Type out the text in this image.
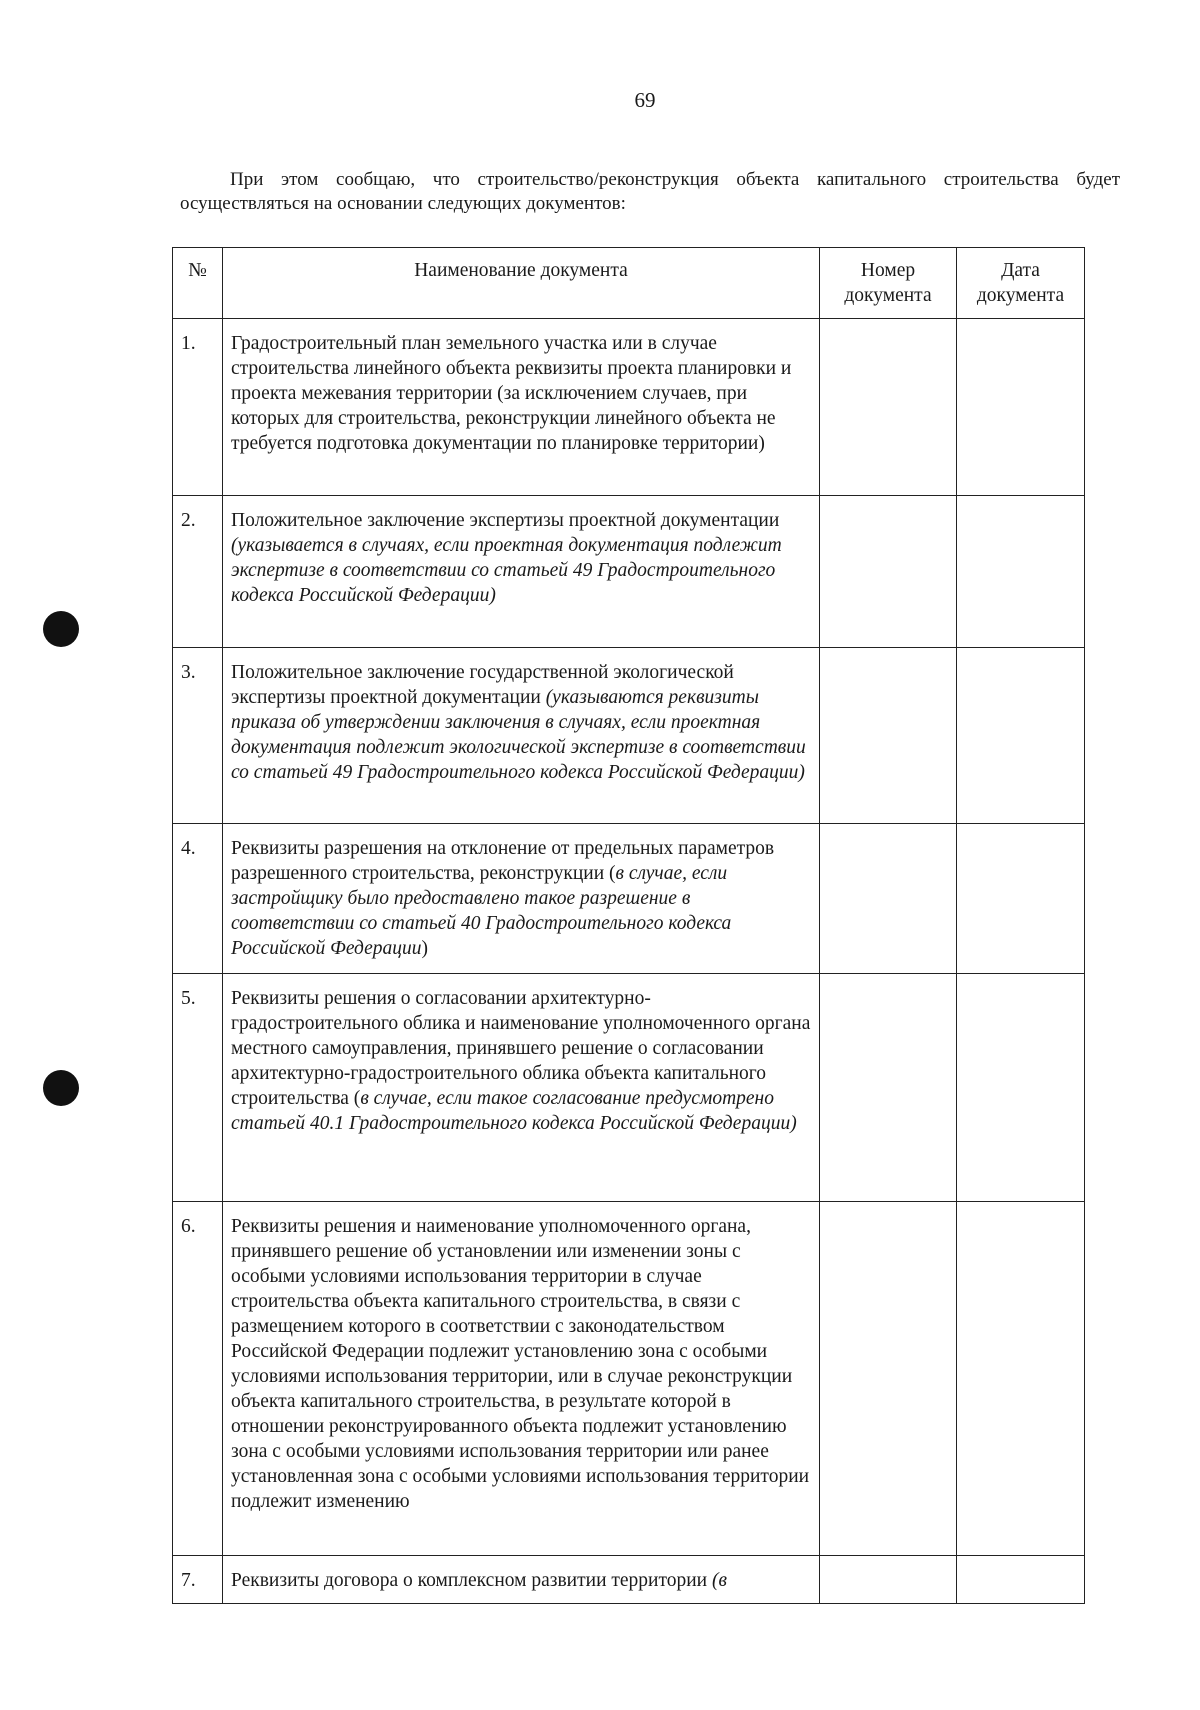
69
При этом сообщаю, что строительство/реконструкция объекта капитального строительства будет осуществляться на основании следующих документов:
№	Наименование документа	Номер документа	Дата документа
1.	Градостроительный план земельного участка или в случае строительства линейного объекта реквизиты проекта планировки и проекта межевания территории (за исключением случаев, при которых для строительства, реконструкции линейного объекта не требуется подготовка документации по планировке территории)		
2.	Положительное заключение экспертизы проектной документации (указывается в случаях, если проектная документация подлежит экспертизе в соответствии со статьей 49 Градостроительного кодекса Российской Федерации)		
3.	Положительное заключение государственной экологической экспертизы проектной документации (указываются реквизиты приказа об утверждении заключения в случаях, если проектная документация подлежит экологической экспертизе в соответствии со статьей 49 Градостроительного кодекса Российской Федерации)		
4.	Реквизиты разрешения на отклонение от предельных параметров разрешенного строительства, реконструкции (в случае, если застройщику было предоставлено такое разрешение в соответствии со статьей 40 Градостроительного кодекса Российской Федерации)		
5.	Реквизиты решения о согласовании архитектурно-градостроительного облика и наименование уполномоченного органа местного самоуправления, принявшего решение о согласовании архитектурно-градостроительного облика объекта капитального строительства (в случае, если такое согласование предусмотрено статьей 40.1 Градостроительного кодекса Российской Федерации)		
6.	Реквизиты решения и наименование уполномоченного органа, принявшего решение об установлении или изменении зоны с особыми условиями использования территории в случае строительства объекта капитального строительства, в связи с размещением которого в соответствии с законодательством Российской Федерации подлежит установлению зона с особыми условиями использования территории, или в случае реконструкции объекта капитального строительства, в результате которой в отношении реконструированного объекта подлежит установлению зона с особыми условиями использования территории или ранее установленная зона с особыми условиями использования территории подлежит изменению		
7.	Реквизиты договора о комплексном развитии территории (в		
